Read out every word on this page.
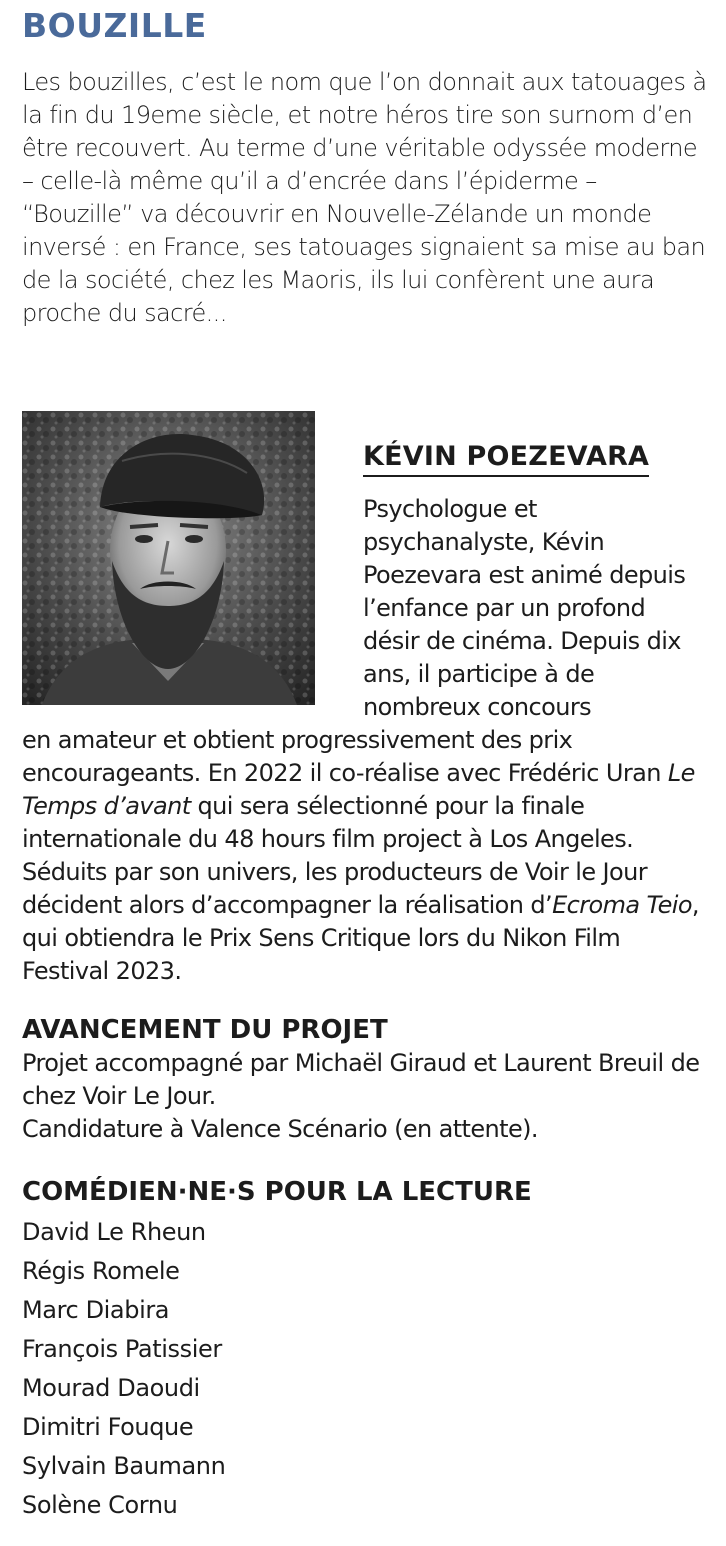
BOUZILLE

Les bouzilles, c’est le nom que l’on donnait aux tatouages à la fin du 19eme siècle, et notre héros tire son surnom d’en être recouvert. Au terme d’une véritable odyssée moderne – celle-là même qu’il a d’encrée dans l’épiderme – “Bouzille” va découvrir en Nouvelle-Zélande un monde inversé : en France, ses tatouages signaient sa mise au ban de la société, chez les Maoris, ils lui confèrent une aura proche du sacré...

KÉVIN POEZEVARA

Psychologue et psychanalyste, Kévin Poezevara est animé depuis l’enfance par un profond désir de cinéma. Depuis dix ans, il participe à de nombreux concours

en amateur et obtient progressivement des prix encourageants. En 2022 il co-réalise avec Frédéric Uran Le Temps d’avant qui sera sélectionné pour la finale internationale du 48 hours film project à Los Angeles. Séduits par son univers, les producteurs de Voir le Jour décident alors d’accompagner la réalisation d’Ecroma Teio, qui obtiendra le Prix Sens Critique lors du Nikon Film Festival 2023.

AVANCEMENT DU PROJET

Projet accompagné par Michaël Giraud et Laurent Breuil de chez Voir Le Jour.

Candidature à Valence Scénario (en attente).

COMÉDIEN·NE·S POUR LA LECTURE
David Le Rheun
Régis Romele
Marc Diabira
François Patissier
Mourad Daoudi
Dimitri Fouque
Sylvain Baumann
Solène Cornu
